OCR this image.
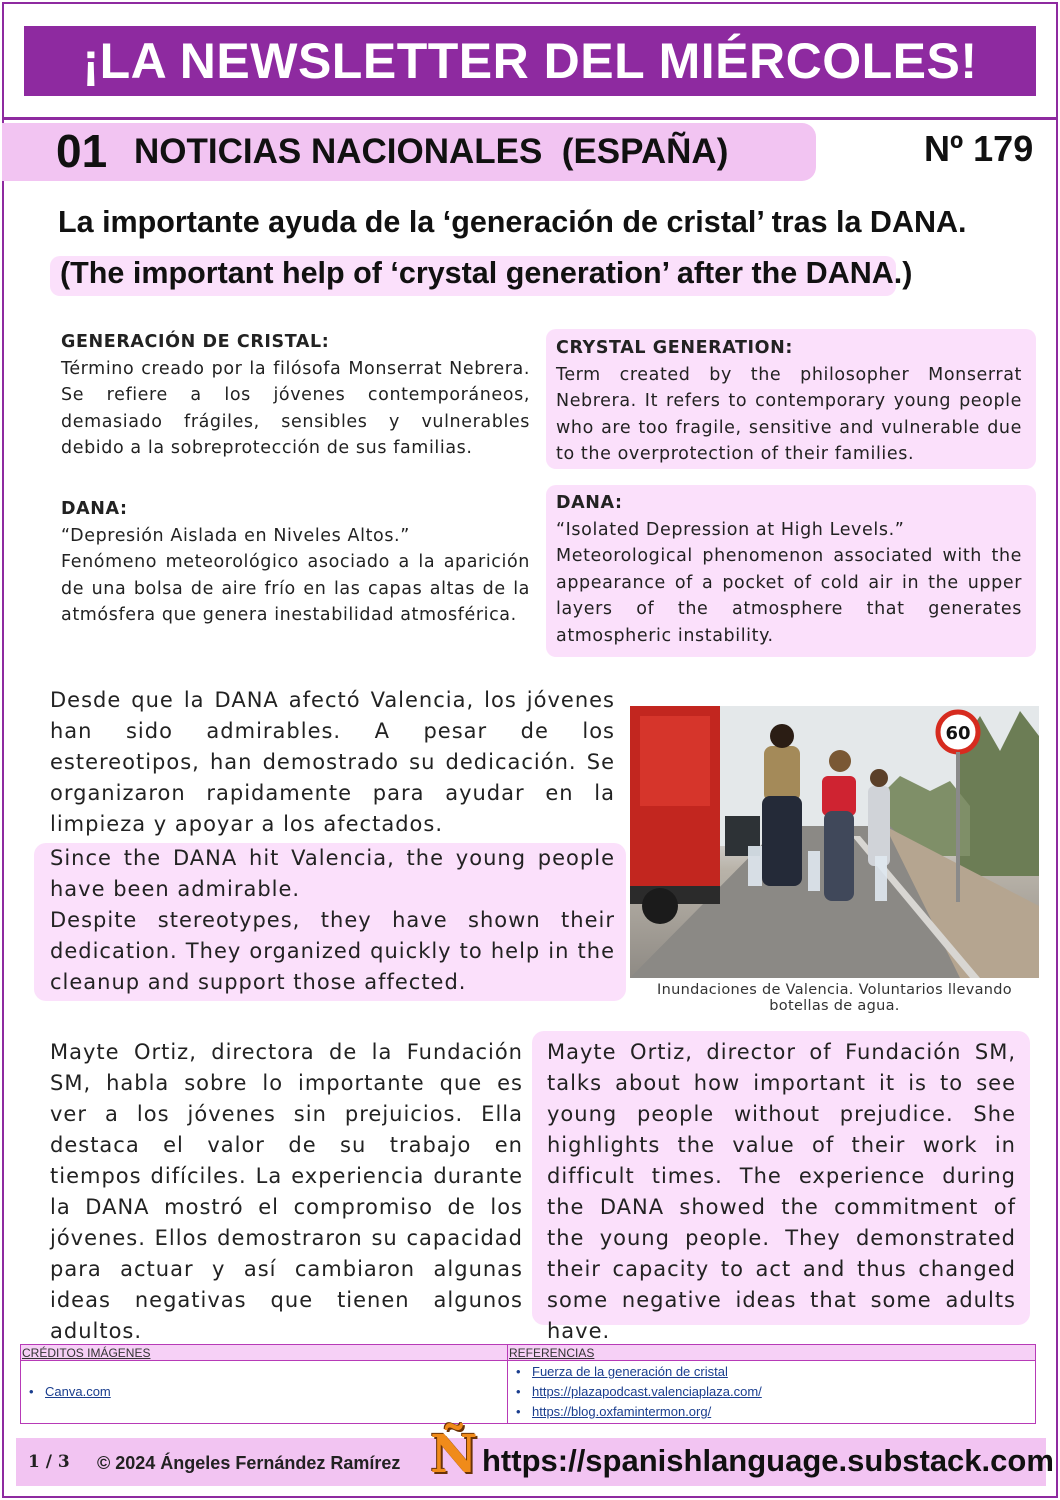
¡LA NEWSLETTER DEL MIÉRCOLES!
01 NOTICIAS NACIONALES  (ESPAÑA)	Nº 179
La importante ayuda de la ‘generación de cristal’ tras la DANA.
(The important help of ‘crystal generation’ after the DANA.)
GENERACIÓN DE CRISTAL:
Término creado por la filósofa Monserrat Nebrera. Se refiere a los jóvenes contemporáneos, demasiado frágiles, sensibles y vulnerables debido a la sobreprotección de sus familias.
DANA:
“Depresión Aislada en Niveles Altos.”
Fenómeno meteorológico asociado a la aparición de una bolsa de aire frío en las capas altas de la atmósfera que genera inestabilidad atmosférica.
CRYSTAL GENERATION:
Term created by the philosopher Monserrat Nebrera. It refers to contemporary young people who are too fragile, sensitive and vulnerable due to the overprotection of their families.
DANA:
“Isolated Depression at High Levels.”
Meteorological phenomenon associated with the appearance of a pocket of cold air in the upper layers of the atmosphere that generates atmospheric instability.
Desde que la DANA afectó Valencia, los jóvenes han sido admirables. A pesar de los estereotipos, han demostrado su dedicación. Se organizaron rapidamente para ayudar en la limpieza y apoyar a los afectados.
Since the DANA hit Valencia, the young people have been admirable.
Despite stereotypes, they have shown their dedication. They organized quickly to help in the cleanup and support those affected.
60
Inundaciones de Valencia. Voluntarios llevando botellas de agua.
Mayte Ortiz, directora de la Fundación SM, habla sobre lo importante que es ver a los jóvenes sin prejuicios. Ella destaca el valor de su trabajo en tiempos difíciles. La experiencia durante la DANA mostró el compromiso de los jóvenes. Ellos demostraron su capacidad para actuar y así cambiaron algunas ideas negativas que tienen algunos adultos.
Mayte Ortiz, director of Fundación SM, talks about how important it is to see young people without prejudice. She highlights the value of their work in difficult times. The experience during the DANA showed the commitment of the young people. They demonstrated their capacity to act and thus changed some negative ideas that some adults have.
CRÉDITOS IMÁGENES	REFERENCIAS
• Canva.com
• Fuerza de la generación de cristal
• https://plazapodcast.valenciaplaza.com/
• https://blog.oxfamintermon.org/
1 / 3 © 2024 Ángeles Fernández Ramírez Ñ https://spanishlanguage.substack.com
